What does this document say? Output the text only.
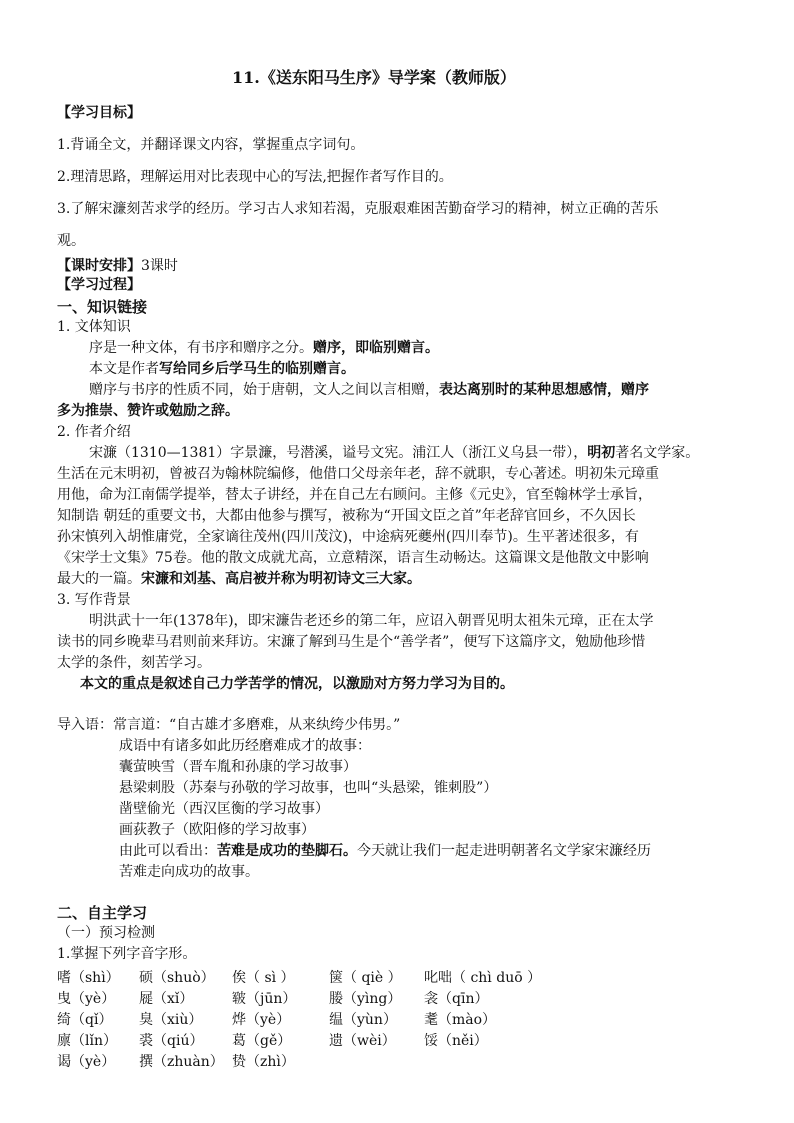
11.《送东阳马生序》导学案（教师版）
【学习目标】
1.背诵全文，并翻译课文内容，掌握重点字词句。
2.理清思路，理解运用对比表现中心的写法,把握作者写作目的。
3.了解宋濂刻苦求学的经历。学习古人求知若渴，克服艰难困苦勤奋学习的精神，树立正确的苦乐
观。
【课时安排】3课时
【学习过程】
一、知识链接
1. 文体知识
序是一种文体，有书序和赠序之分。赠序，即临别赠言。
本文是作者写给同乡后学马生的临别赠言。
赠序与书序的性质不同，始于唐朝，文人之间以言相赠，表达离别时的某种思想感情，赠序
多为推崇、赞许或勉励之辞。
2. 作者介绍
宋濂（1310—1381）字景濂，号潜溪，谥号文宪。浦江人（浙江义乌县一带），明初著名文学家。
生活在元末明初，曾被召为翰林院编修，他借口父母亲年老，辞不就职，专心著述。明初朱元璋重
用他，命为江南儒学提举，替太子讲经，并在自己左右顾问。主修《元史》，官至翰林学士承旨，
知制诰 朝廷的重要文书，大都由他参与撰写，被称为“开国文臣之首”年老辞官回乡，不久因长
孙宋慎列入胡惟庸党，全家谪往茂州(四川茂汶)，中途病死夔州(四川奉节)。生平著述很多，有
《宋学士文集》75卷。他的散文成就尤高，立意精深，语言生动畅达。这篇课文是他散文中影响
最大的一篇。宋濂和刘基、高启被并称为明初诗文三大家。
3. 写作背景
明洪武十一年(1378年)，即宋濂告老还乡的第二年，应诏入朝晋见明太祖朱元璋，正在太学
读书的同乡晚辈马君则前来拜访。宋濂了解到马生是个“善学者”，便写下这篇序文，勉励他珍惜
太学的条件，刻苦学习。
本文的重点是叙述自己力学苦学的情况，以激励对方努力学习为目的。
导入语：常言道：“自古雄才多磨难，从来纨绔少伟男。”
成语中有诸多如此历经磨难成才的故事：
囊萤映雪（晋车胤和孙康的学习故事）
悬梁刺股（苏秦与孙敬的学习故事，也叫“头悬梁，锥刺股”）
凿壁偷光（西汉匡衡的学习故事）
画荻教子（欧阳修的学习故事）
由此可以看出：苦难是成功的垫脚石。今天就让我们一起走进明朝著名文学家宋濂经历
苦难走向成功的故事。
二、自主学习
（一）预习检测
1.掌握下列字音字形。
嗜（shì） 硕（shuò） 俟（ sì ） 箧（ qiè ） 叱咄（ chì duō ）
曳（yè） 屣（xǐ）	皲（jūn） 媵（yìng） 衾（qīn）
绮（qǐ） 臭（xiù） 烨（yè）	缊（yùn） 耄（mào）
廪（lǐn） 裘（qiú） 葛（gě）	遗（wèi） 馁（něi）
谒（yè） 撰（zhuàn） 贽（zhì）
